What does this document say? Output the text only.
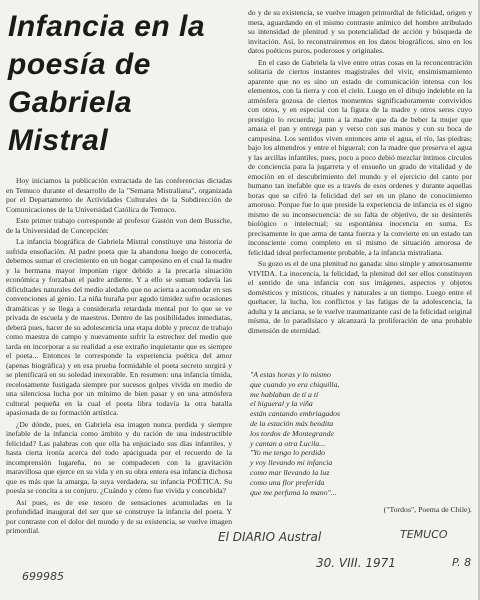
Infancia en la
poesía de
Gabriela Mistral

Hoy iniciamos la publicación extractada de las conferencias dictadas en Temuco durante el desarrollo de la "Semana Mistraliana", organizada por el Departamento de Actividades Culturales de la Subdirección de Comunicaciones de la Universidad Católica de Temuco.

Este primer trabajo corresponde al profesor Gastón von dem Bussche, de la Universidad de Concepción:

La infancia biográfica de Gabriela Mistral constituye una historia de sufrida ensoñación. Al padre poeta que la abandona luego de conocerla, debemos sumar el crecimiento en un hogar campesino en el cual la madre y la hermana mayor imponían rigor debido a la precaria situación económica y forzaban el padre ardiente. Y a ello se suman todavía las dificultades naturales del medio aledaño que no acierta a acomodar en sus convenciones al genio. La niña huraña por agudo timidez sufre ocasiones dramáticas y se llega a considerarla retardada mental por lo que se ve privada de escuela y de maestros. Dentro de las posibilidades inmediatas, deberá pues, hacer de su adolescencia una etapa doble y precoz de trabajo como maestra de campo y nuevamente sufrir la estrechez del medio que tarda en incorporar a su realidad a ese extraño inquietante que es siempre el poeta... Entonces le corresponde la experiencia poética del amor (apenas biográfica) y en esa prueba formidable el poeta secreto surgirá y se plenificará en su soledad inexorable. En resumen: una infancia tímida, recelosamente fustigada siempre por sucesos golpes vivida en medio de una silenciosa lucha por un mínimo de bien pasar y en una atmósfera cultural pequeña en la cual el poeta libra todavía la otra batalla apasionada de su formación artística.

¿De dónde, pues, en Gabriela esa imagen nunca perdida y siempre inefable de la infancia como ámbito y du ración de una indestructible felicidad? Las palabras con que ella ha enjuiciado sus días infantiles, y hasta cierta ironía acerca del todo apaciguada por el recuerdo de la incomprensión lugareña, no se compadecen con la gravitación maravillosa que ejerce en su vida y en su obra entera esa infancia dichosa que es más que la amarga, la suya verdadera, su infancia POÉTICA. Su poesía se concita a su conjuro. ¿Cuándo y cómo fue vivida y concebida?

Así pues, es de ese tesoro de sensaciones acumuladas en la profundidad inaugural del ser que se construye la infancia del poeta. Y por contraste con el dolor del mundo y de su existencia, se vuelve imagen primordial.

do y de su existencia, se vuelve imagen primordial de felicidad, origen y meta, aguardando en el mismo contraste anímico del hombre atribulado su intensidad de plenitud y su potencialidad de acción y búsqueda de invitación. Así, lo reconstruiremos en los datos biográficos, sino en los datos poéticos puros, poderosos y originales.

En el caso de Gabriela la vive entre otras cosas en la reconcentración solitaria de ciertos instantes magistrales del vivir, ensimismamiento aparente que no es sino un estado de comunicación intensa con los elementos, con la tierra y con el cielo. Luego en el dibujo indeleble en la atmósfera gozosa de ciertos momentos significadoramente convividos con otros, y en especial con la figura de la madre y otros seres cuyo prestigio lo recuerda; junto a la madre que da de beber la mujer que amasa el pan y entrega pan y verso con sus manos y con su boca de campesina. Los sentidos viven entonces ante el agua, el río, las piedras; bajo los almendros y entre el higueral; con la madre que preserva el agua y las arcillas infantiles, pues, poco a poco debió mezclar íntimos círculos de conciencia para la jugarreta y el ensueño un grado de vitalidad y de emoción en el descubrimiento del mundo y el ejercicio del canto por humano tan inefable que es a través de esos ordenes y durante aquellas horas que se cifró la felicidad del ser en un plano de conocimiento amoroso. Porque fue lo que preside la experiencia de infancia es el signo mismo de su inconsecuencia: de su falta de objetivo, de su desinterés biológico o intelectual; su espontánea inocencia en suma. Es precisamente lo que arma de tanta fuerza y la convierte en un estado tan inconsciente como completo en sí mismo de situación amorosa de felicidad ideal perfectamente probable, a la infancia mistraliana.

Su gozo es el de una plenitud no ganada: sino simple y amorosamente VIVIDA. La inocencia, la felicidad, la plenitud del ser ellos constituyen el sentido de una infancia con sus imágenes, aspectos y objetos domésticos y místicos, rituales y naturales a un tiempo. Luego entre el quehacer, la lucha, los conflictos y las fatigas de la adolescencia, la adulta y la anciana, se le vuelve traumatizante casi de la felicidad original mísma, de lo paradisíaco y alcanzará la proliferación de una probable dimensión de eternidad.

"A estas horas y lo mismo
que cuando yo era chiquilla,
me hablaban de tí a tí
el higueral y la viña
están cantando embriagados
de la estación más bendita
los tordos de Montegrande
y cantan a otra Lucila...
"Yo me tengo lo perdido
y voy llevando mi infancia
como mar llevando la luz
como una flor preferida
que me perfuma la mano"...
("Tordos", Poema de Chile).
El DIARIO Austral	TEMUCO
30. VIII. 1971	P. 8
699985
